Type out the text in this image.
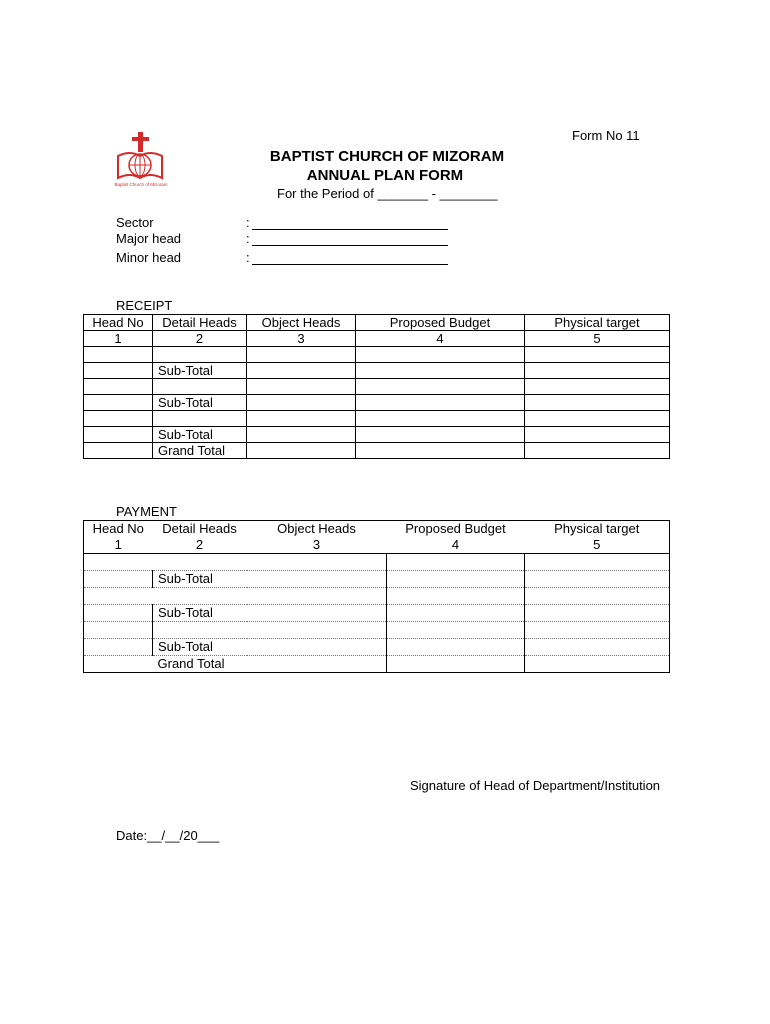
Form No 11
Baptist Church of Mizoram
BAPTIST CHURCH OF MIZORAM
ANNUAL PLAN FORM
For the Period of _______ - ________
Sector	:
Major head	:
Minor head	:
RECEIPT
Head No	Detail Heads	Object Heads	Proposed Budget	Physical target
1	2	3	4	5

	Sub-Total			

	Sub-Total			

	Sub-Total			
	Grand Total			
PAYMENT
Head No	Detail Heads	Object Heads	Proposed Budget	Physical target
1	2	3	4	5

	Sub-Total			

	Sub-Total			

	Sub-Total			
	Grand Total			
Signature of Head of Department/Institution
Date:__/__/20___
